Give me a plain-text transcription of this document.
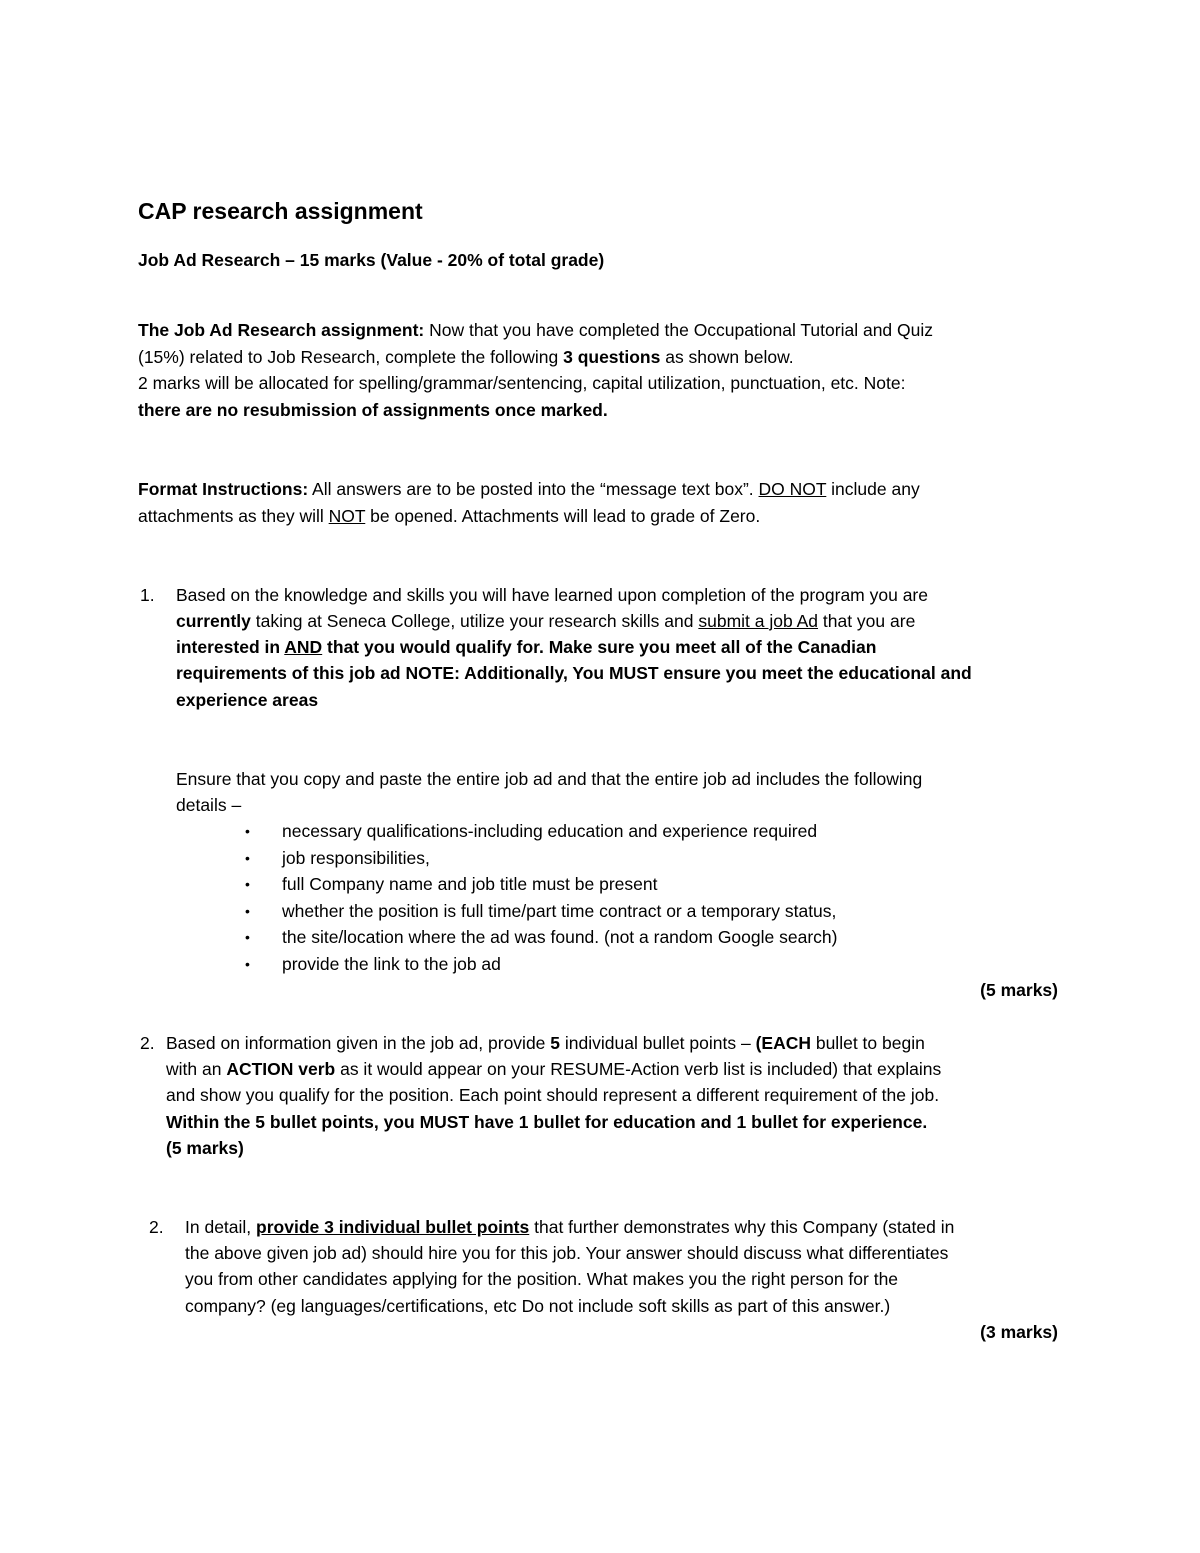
CAP research assignment
Job Ad Research – 15 marks (Value - 20% of total grade)
The Job Ad Research assignment: Now that you have completed the Occupational Tutorial and Quiz
(15%) related to Job Research, complete the following 3 questions as shown below.
2 marks will be allocated for spelling/grammar/sentencing, capital utilization, punctuation, etc. Note:
there are no resubmission of assignments once marked.
Format Instructions: All answers are to be posted into the “message text box”. DO NOT include any
attachments as they will NOT be opened. Attachments will lead to grade of Zero.
1.	Based on the knowledge and skills you will have learned upon completion of the program you are
currently taking at Seneca College, utilize your research skills and submit a job Ad that you are
interested in AND that you would qualify for. Make sure you meet all of the Canadian
requirements of this job ad NOTE: Additionally, You MUST ensure you meet the educational and
experience areas
Ensure that you copy and paste the entire job ad and that the entire job ad includes the following
details –
• necessary qualifications-including education and experience required
• job responsibilities,
• full Company name and job title must be present
• whether the position is full time/part time contract or a temporary status,
• the site/location where the ad was found. (not a random Google search)
• provide the link to the job ad
(5 marks)
2. Based on information given in the job ad, provide 5 individual bullet points – (EACH bullet to begin
with an ACTION verb as it would appear on your RESUME-Action verb list is included) that explains
and show you qualify for the position. Each point should represent a different requirement of the job.
Within the 5 bullet points, you MUST have 1 bullet for education and 1 bullet for experience.
(5 marks)
2.	In detail, provide 3 individual bullet points that further demonstrates why this Company (stated in
the above given job ad) should hire you for this job. Your answer should discuss what differentiates
you from other candidates applying for the position. What makes you the right person for the
company? (eg languages/certifications, etc Do not include soft skills as part of this answer.)
(3 marks)
